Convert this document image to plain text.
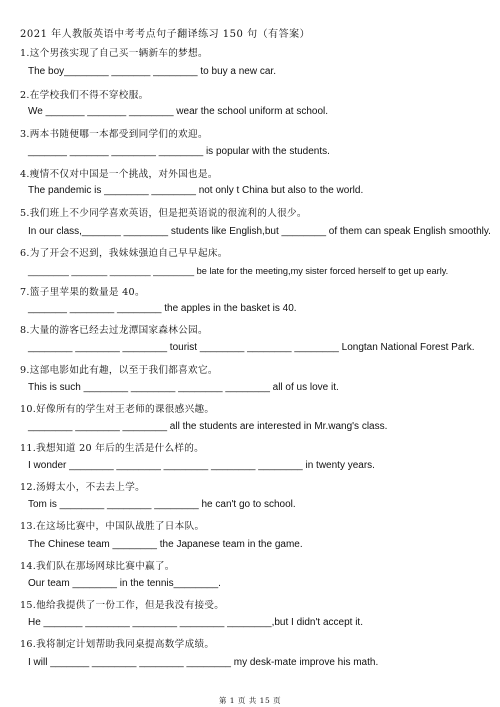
2021 年人教版英语中考考点句子翻译练习 150 句（有答案）
1.这个男孩实现了自己买一辆新车的梦想。
The boy________ _______ ________ to buy a new car.
2.在学校我们不得不穿校服。
We _______ _______ ________ wear the school uniform at school.
3.两本书随便哪一本都受到同学们的欢迎。
_______ _______ ________ ________ is popular with the students.
4.瘦情不仅对中国是一个挑战，对外国也是。
The pandemic is ________ ________ not only t China but also to the world.
5.我们班上不少同学喜欢英语，但是把英语说的很流利的人很少。
In our class,_______ ________ students like English,but ________ of them can speak English smoothly.
6.为了开会不迟到，我妹妹强迫自己早早起床。
________ _______ ________ ________ be late for the meeting,my sister forced herself to get up early.
7.篮子里苹果的数量是 40。
_______ ________ ________ the apples in the basket is 40.
8.大量的游客已经去过龙潭国家森林公园。
________ ________ ________ tourist ________ ________ ________ Longtan National Forest Park.
9.这部电影如此有趣，以至于我们都喜欢它。
This is such ________ ________ ________ ________ all of us love it.
10.好像所有的学生对王老师的课很感兴趣。
________ ________ ________ all the students are interested in Mr.wang's class.
11.我想知道 20 年后的生活是什么样的。
I wonder ________ ________ ________ ________ ________ in twenty years.
12.汤姆太小，不去去上学。
Tom is ________ ________ ________ he can't go to school.
13.在这场比赛中，中国队战胜了日本队。
The Chinese team ________ the Japanese team in the game.
14.我们队在那场网球比赛中赢了。
Our team ________ in the tennis________.
15.他给我提供了一份工作，但是我没有接受。
He _______ ________ ________ ________ ________,but I didn't accept it.
16.我将制定计划帮助我同桌提高数学成绩。
I will _______ ________ ________ ________ my desk-mate improve his math.
第 1 页 共 15 页
